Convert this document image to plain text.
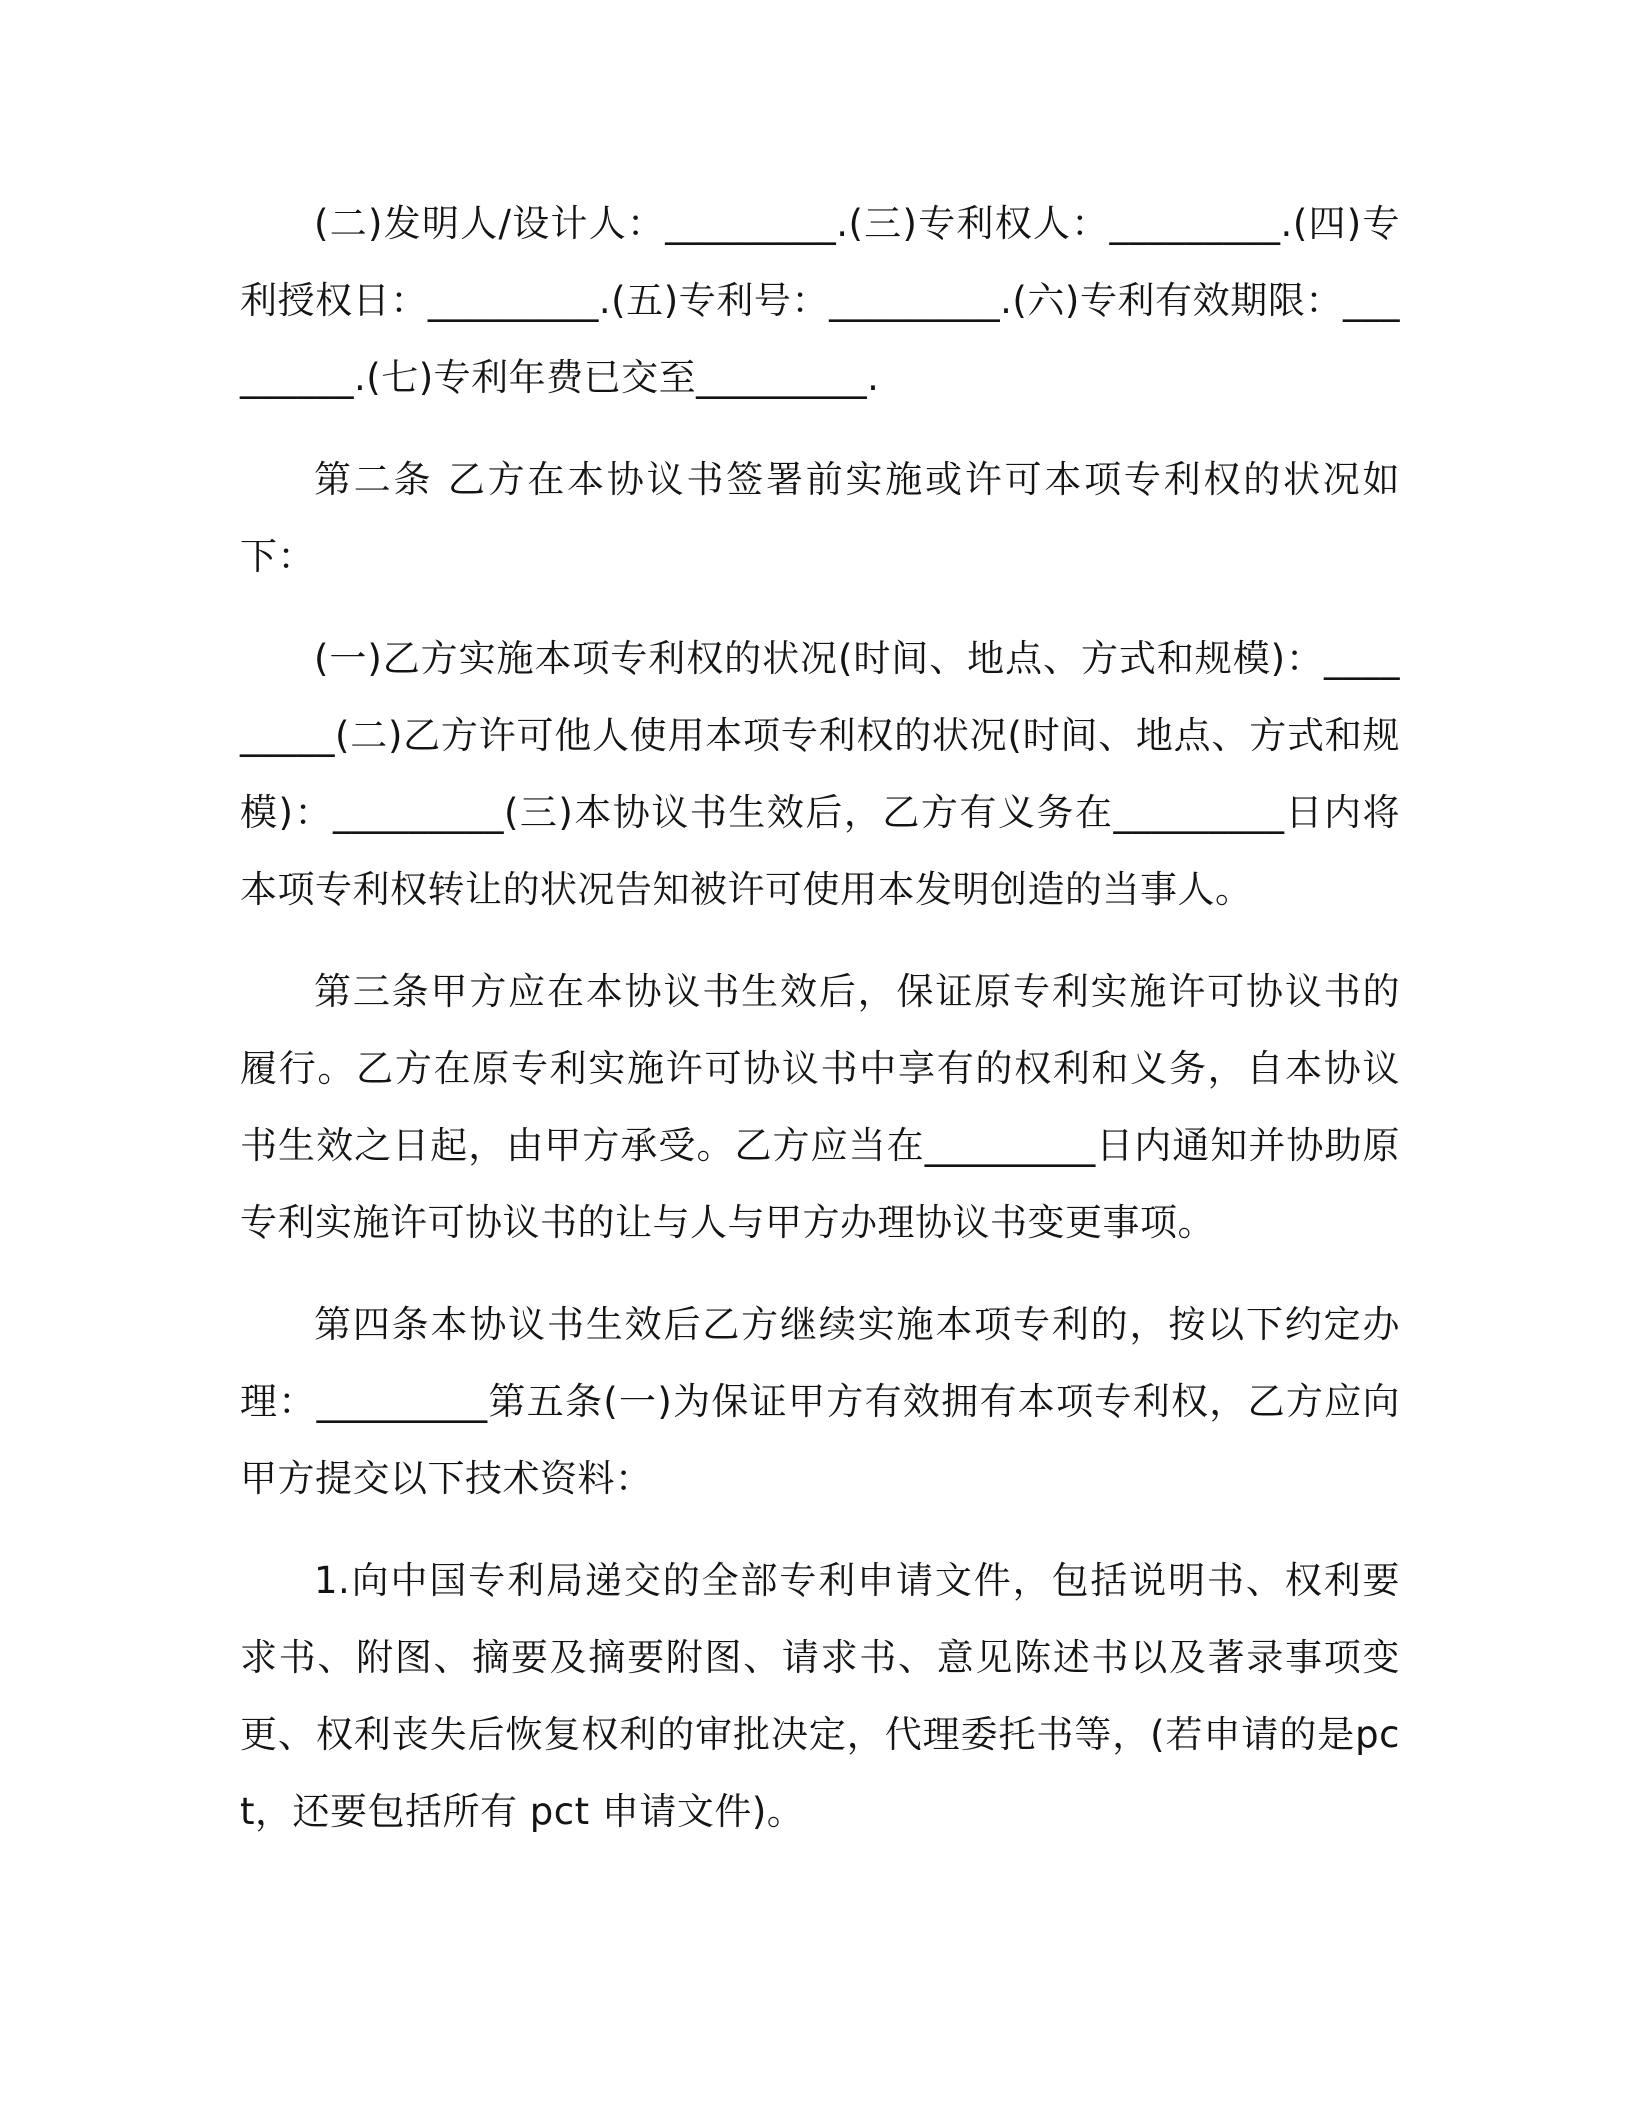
(二)发明人/设计人：_________.(三)专利权人：_________.(四)专利授权日：_________.(五)专利号：_________.(六)专利有效期限：_________.(七)专利年费已交至_________.

第二条 乙方在本协议书签署前实施或许可本项专利权的状况如下：

(一)乙方实施本项专利权的状况(时间、地点、方式和规模)：_________(二)乙方许可他人使用本项专利权的状况(时间、地点、方式和规模)：_________(三)本协议书生效后，乙方有义务在_________日内将本项专利权转让的状况告知被许可使用本发明创造的当事人。

第三条甲方应在本协议书生效后，保证原专利实施许可协议书的履行。乙方在原专利实施许可协议书中享有的权利和义务，自本协议书生效之日起，由甲方承受。乙方应当在_________日内通知并协助原专利实施许可协议书的让与人与甲方办理协议书变更事项。

第四条本协议书生效后乙方继续实施本项专利的，按以下约定办理：_________第五条(一)为保证甲方有效拥有本项专利权，乙方应向甲方提交以下技术资料：

1.向中国专利局递交的全部专利申请文件，包括说明书、权利要求书、附图、摘要及摘要附图、请求书、意见陈述书以及著录事项变更、权利丧失后恢复权利的审批决定，代理委托书等，(若申请的是pct，还要包括所有 pct 申请文件)。
